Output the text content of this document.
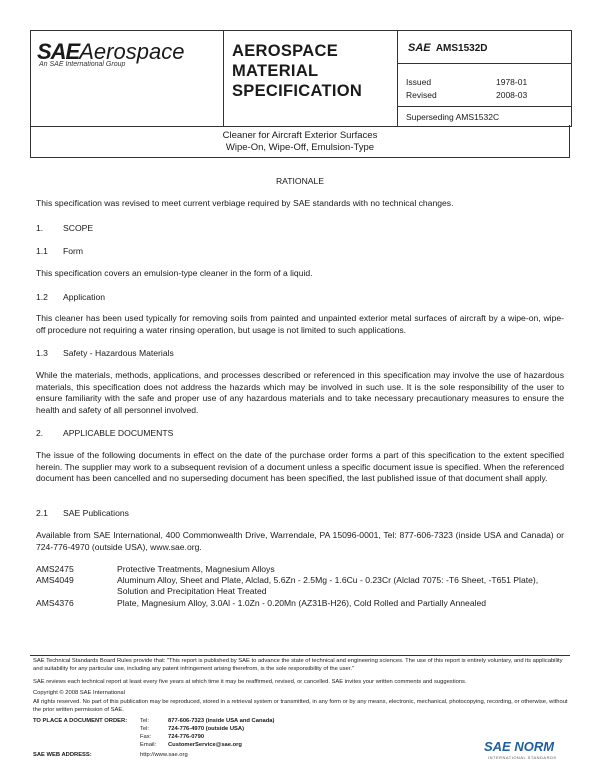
SAEAerospace
An SAE International Group
AEROSPACE
MATERIAL
SPECIFICATION
SAE AMS1532D
Issued	1978-01
Revised	2008-03
Superseding AMS1532C
Cleaner for Aircraft Exterior Surfaces
Wipe-On, Wipe-Off, Emulsion-Type
RATIONALE
This specification was revised to meet current verbiage required by SAE standards with no technical changes.
1. SCOPE
1.1 Form
This specification covers an emulsion-type cleaner in the form of a liquid.
1.2 Application
This cleaner has been used typically for removing soils from painted and unpainted exterior metal surfaces of aircraft by a wipe-on, wipe-off procedure not requiring a water rinsing operation, but usage is not limited to such applications.
1.3 Safety - Hazardous Materials
While the materials, methods, applications, and processes described or referenced in this specification may involve the use of hazardous materials, this specification does not address the hazards which may be involved in such use. It is the sole responsibility of the user to ensure familiarity with the safe and proper use of any hazardous materials and to take necessary precautionary measures to ensure the health and safety of all personnel involved.
2. APPLICABLE DOCUMENTS
The issue of the following documents in effect on the date of the purchase order forms a part of this specification to the extent specified herein. The supplier may work to a subsequent revision of a document unless a specific document issue is specified. When the referenced document has been cancelled and no superseding document has been specified, the last published issue of that document shall apply.
2.1 SAE Publications
Available from SAE International, 400 Commonwealth Drive, Warrendale, PA 15096-0001, Tel: 877-606-7323 (inside USA and Canada) or 724-776-4970 (outside USA), www.sae.org.
AMS2475	Protective Treatments, Magnesium Alloys
AMS4049	Aluminum Alloy, Sheet and Plate, Alclad, 5.6Zn - 2.5Mg - 1.6Cu - 0.23Cr (Alclad 7075: -T6 Sheet, -T651 Plate), Solution and Precipitation Heat Treated
AMS4376	Plate, Magnesium Alloy, 3.0Al - 1.0Zn - 0.20Mn (AZ31B-H26), Cold Rolled and Partially Annealed
SAE Technical Standards Board Rules provide that: "This report is published by SAE to advance the state of technical and engineering sciences. The use of this report is entirely voluntary, and its applicability and suitability for any particular use, including any patent infringement arising therefrom, is the sole responsibility of the user."
SAE reviews each technical report at least every five years at which time it may be reaffirmed, revised, or cancelled. SAE invites your written comments and suggestions.
Copyright © 2008 SAE International
All rights reserved. No part of this publication may be reproduced, stored in a retrieval system or transmitted, in any form or by any means, electronic, mechanical, photocopying, recording, or otherwise, without the prior written permission of SAE.
TO PLACE A DOCUMENT ORDER: Tel:	877-606-7323 (inside USA and Canada)
Tel:	724-776-4970 (outside USA)
Fax:	724-776-0790
Email: CustomerService@sae.org
SAE WEB ADDRESS:	http://www.sae.org
SAE NORM
INTERNATIONAL STANDARDS
